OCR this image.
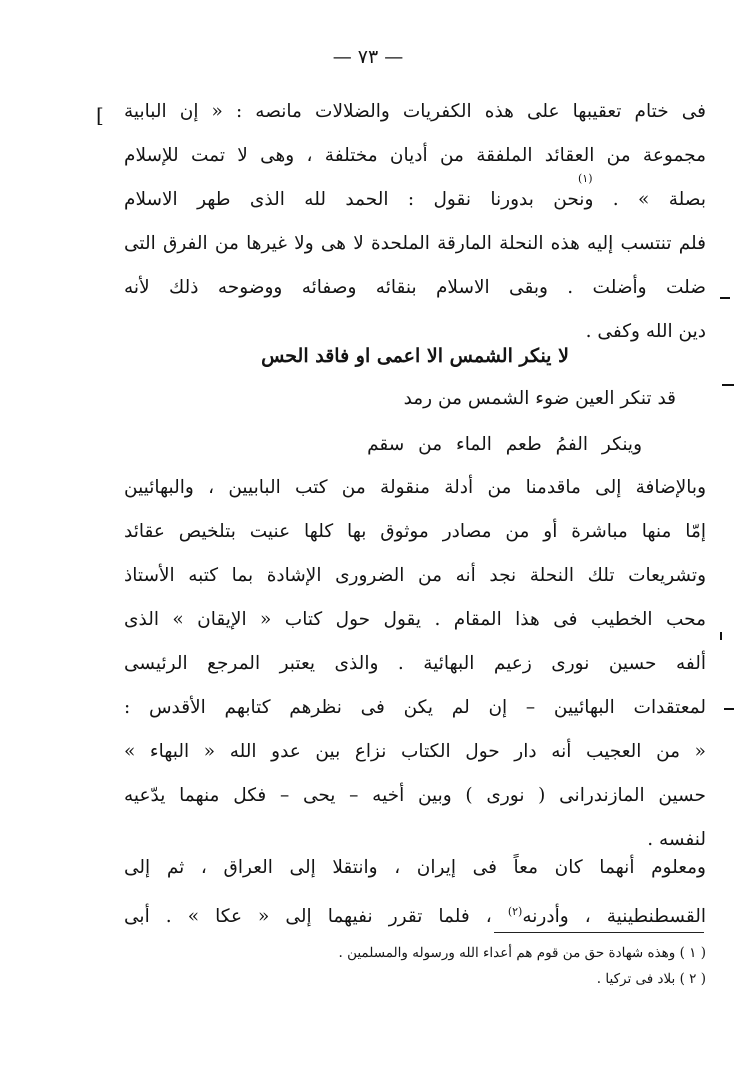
— ٧٣ —
[ فى ختام تعقيبها على هذه الكفريات والضلالات مانصه : « إن البابية
مجموعة من العقائد الملفقة من أديان مختلفة ، وهى لا تمت للإسلام
بصلة » . ونحن بدورنا نقول : الحمد لله الذى طهر الاسلام
فلم تنتسب إليه هذه النحلة المارقة الملحدة لا هى ولا غيرها من الفرق التى
ضلت وأضلت . وبقى الاسلام بنقائه وصفائه ووضوحه ذلك لأنه
دين الله وكفى .
(١)
لا ينكر الشمس الا اعمى او فاقد الحس
قد تنكر العين ضوء الشمس من رمد
وينكر الفمُ طعم الماء من سقم
وبالإضافة إلى ماقدمنا من أدلة منقولة من كتب البابيين ، والبهائيين
إمّا منها مباشرة أو من مصادر موثوق بها كلها عنيت بتلخيص عقائد
وتشريعات تلك النحلة نجد أنه من الضرورى الإشادة بما كتبه الأستاذ
محب الخطيب فى هذا المقام . يقول حول كتاب « الإيقان » الذى
ألفه حسين نورى زعيم البهائية . والذى يعتبر المرجع الرئيسى
لمعتقدات البهائيين – إن لم يكن فى نظرهم كتابهم الأقدس :
« من العجيب أنه دار حول الكتاب نزاع بين عدو الله « البهاء »
حسين المازندرانى ( نورى ) وبين أخيه – يحى – فكل منهما يدّعيه
لنفسه .
ومعلوم أنهما كان معاً فى إيران ، وانتقلا إلى العراق ، ثم إلى
القسطنطينية ، وأدرنه$^{(٢)}$ ، فلما تقرر نفيهما إلى « عكا » . أبى
( ١ ) وهذه شهادة حق من قوم هم أعداء الله ورسوله والمسلمين .
( ٢ ) بلاد فى تركيا .
